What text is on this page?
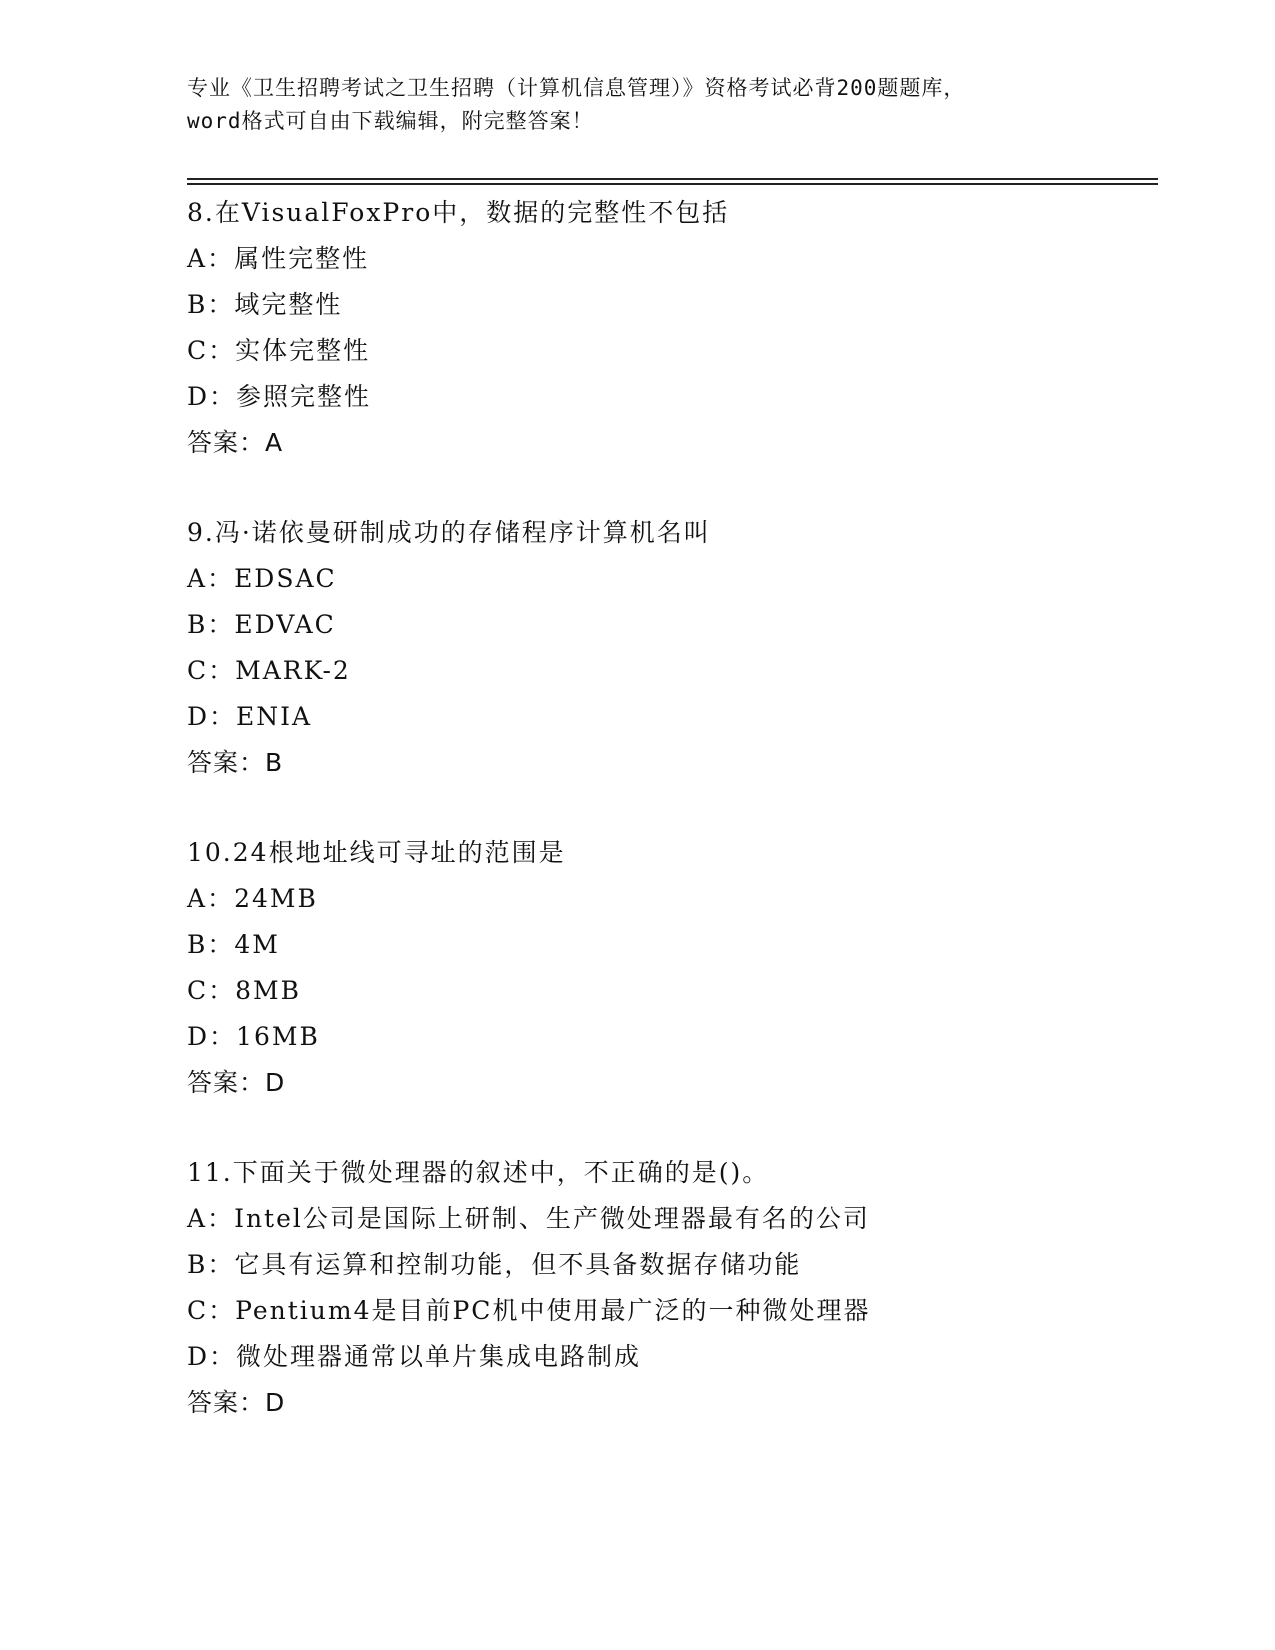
专业《卫生招聘考试之卫生招聘（计算机信息管理）》资格考试必背200题题库，
word格式可自由下载编辑，附完整答案！
8.在VisualFoxPro中，数据的完整性不包括
A：属性完整性
B：域完整性
C：实体完整性
D：参照完整性
答案：A
9.冯·诺依曼研制成功的存储程序计算机名叫
A：EDSAC
B：EDVAC
C：MARK-2
D：ENIA
答案：B
10.24根地址线可寻址的范围是
A：24MB
B：4M
C：8MB
D：16MB
答案：D
11.下面关于微处理器的叙述中，不正确的是()。
A：Intel公司是国际上研制、生产微处理器最有名的公司
B：它具有运算和控制功能，但不具备数据存储功能
C：Pentium4是目前PC机中使用最广泛的一种微处理器
D：微处理器通常以单片集成电路制成
答案：D
